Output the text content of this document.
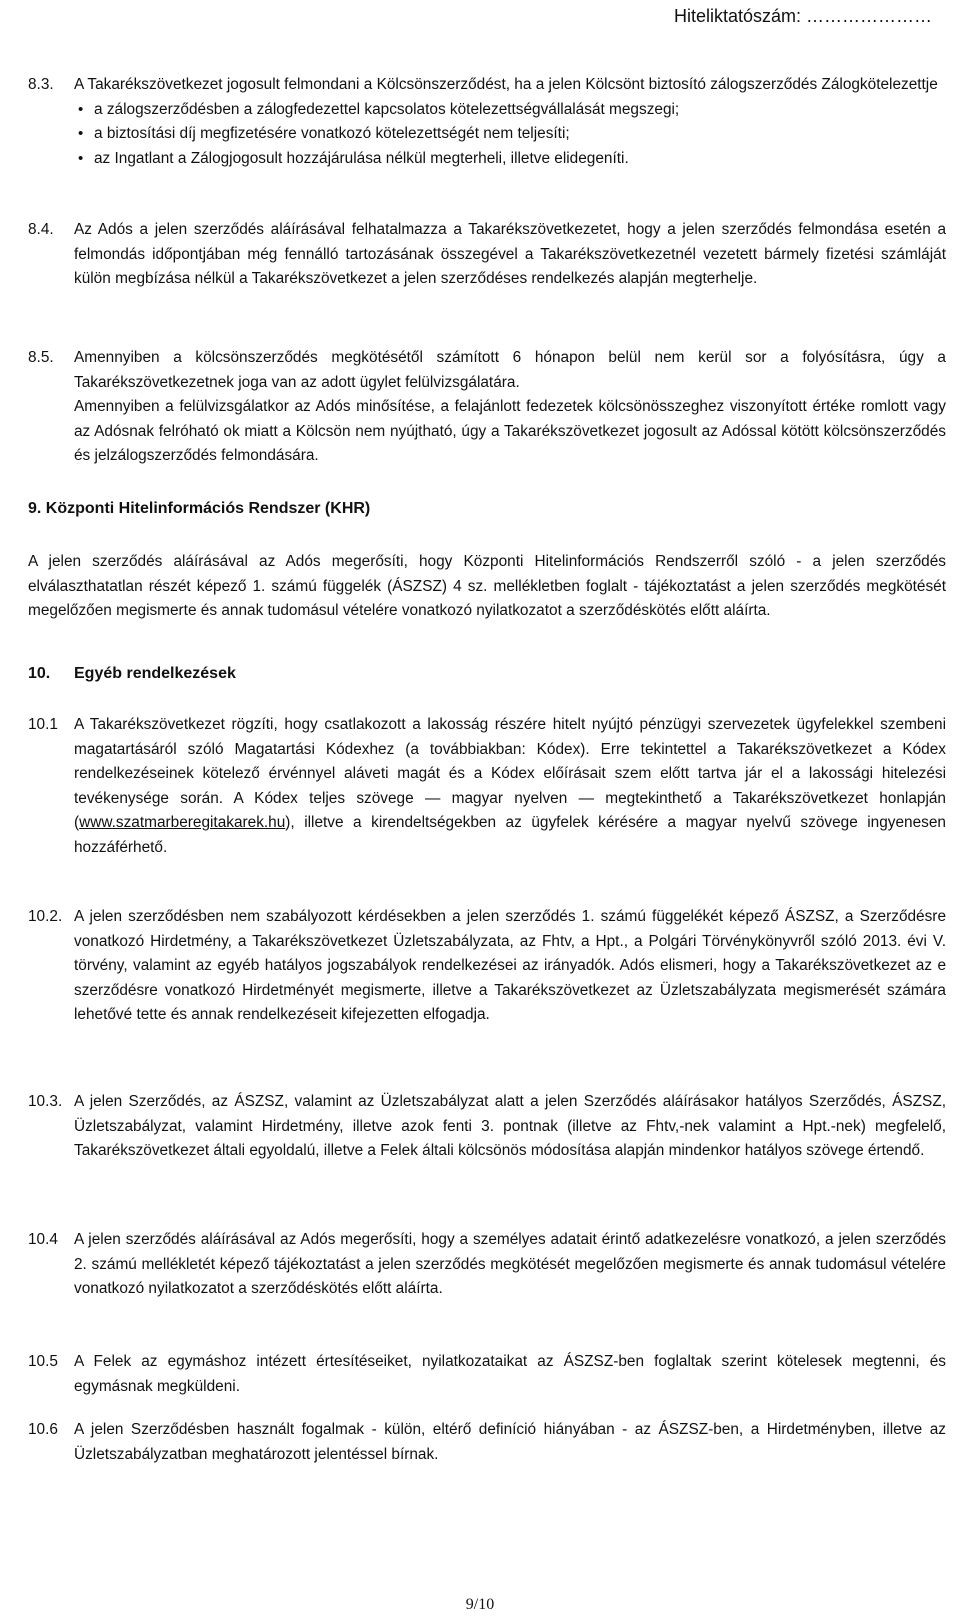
Hiteliktatószám: …………………
8.3. A Takarékszövetkezet jogosult felmondani a Kölcsönszerződést, ha a jelen Kölcsönt biztosító zálogszerződés Zálogkötelezettje
• a zálogszerződésben a zálogfedezettel kapcsolatos kötelezettségvállalását megszegi;
• a biztosítási díj megfizetésére vonatkozó kötelezettségét nem teljesíti;
• az Ingatlant a Zálogjogosult hozzájárulása nélkül megterheli, illetve elidegeníti.
8.4. Az Adós a jelen szerződés aláírásával felhatalmazza a Takarékszövetkezetet, hogy a jelen szerződés felmondása esetén a felmondás időpontjában még fennálló tartozásának összegével a Takarékszövetkezetnél vezetett bármely fizetési számláját külön megbízása nélkül a Takarékszövetkezet a jelen szerződéses rendelkezés alapján megterhelje.
8.5. Amennyiben a kölcsönszerződés megkötésétől számított 6 hónapon belül nem kerül sor a folyósításra, úgy a Takarékszövetkezetnek joga van az adott ügylet felülvizsgálatára.
Amennyiben a felülvizsgálatkor az Adós minősítése, a felajánlott fedezetek kölcsönösszeghez viszonyított értéke romlott vagy az Adósnak felróható ok miatt a Kölcsön nem nyújtható, úgy a Takarékszövetkezet jogosult az Adóssal kötött kölcsönszerződés és jelzálogszerződés felmondására.
9. Központi Hitelinformációs Rendszer (KHR)
A jelen szerződés aláírásával az Adós megerősíti, hogy Központi Hitelinformációs Rendszerről szóló - a jelen szerződés elválaszthatatlan részét képező 1. számú függelék (ÁSZSZ) 4 sz. mellékletben foglalt - tájékoztatást a jelen szerződés megkötését megelőzően megismerte és annak tudomásul vételére vonatkozó nyilatkozatot a szerződéskötés előtt aláírta.
10. Egyéb rendelkezések
10.1 A Takarékszövetkezet rögzíti, hogy csatlakozott a lakosság részére hitelt nyújtó pénzügyi szervezetek ügyfelekkel szembeni magatartásáról szóló Magatartási Kódexhez (a továbbiakban: Kódex). Erre tekintettel a Takarékszövetkezet a Kódex rendelkezéseinek kötelező érvénnyel aláveti magát és a Kódex előírásait szem előtt tartva jár el a lakossági hitelezési tevékenysége során. A Kódex teljes szövege — magyar nyelven — megtekinthető a Takarékszövetkezet honlapján (www.szatmarberegitakarek.hu), illetve a kirendeltségekben az ügyfelek kérésére a magyar nyelvű szövege ingyenesen hozzáférhető.
10.2. A jelen szerződésben nem szabályozott kérdésekben a jelen szerződés 1. számú függelékét képező ÁSZSZ, a Szerződésre vonatkozó Hirdetmény, a Takarékszövetkezet Üzletszabályzata, az Fhtv, a Hpt., a Polgári Törvénykönyvről szóló 2013. évi V. törvény, valamint az egyéb hatályos jogszabályok rendelkezései az irányadók. Adós elismeri, hogy a Takarékszövetkezet az e szerződésre vonatkozó Hirdetményét megismerte, illetve a Takarékszövetkezet az Üzletszabályzata megismerését számára lehetővé tette és annak rendelkezéseit kifejezetten elfogadja.
10.3. A jelen Szerződés, az ÁSZSZ, valamint az Üzletszabályzat alatt a jelen Szerződés aláírásakor hatályos Szerződés, ÁSZSZ, Üzletszabályzat, valamint Hirdetmény, illetve azok fenti 3. pontnak (illetve az Fhtv,-nek valamint a Hpt.-nek) megfelelő, Takarékszövetkezet általi egyoldalú, illetve a Felek általi kölcsönös módosítása alapján mindenkor hatályos szövege értendő.
10.4 A jelen szerződés aláírásával az Adós megerősíti, hogy a személyes adatait érintő adatkezelésre vonatkozó, a jelen szerződés 2. számú mellékletét képező tájékoztatást a jelen szerződés megkötését megelőzően megismerte és annak tudomásul vételére vonatkozó nyilatkozatot a szerződéskötés előtt aláírta.
10.5 A Felek az egymáshoz intézett értesítéseiket, nyilatkozataikat az ÁSZSZ-ben foglaltak szerint kötelesek megtenni, és egymásnak megküldeni.
10.6 A jelen Szerződésben használt fogalmak - külön, eltérő definíció hiányában - az ÁSZSZ-ben, a Hirdetményben, illetve az Üzletszabályzatban meghatározott jelentéssel bírnak.
9/10
